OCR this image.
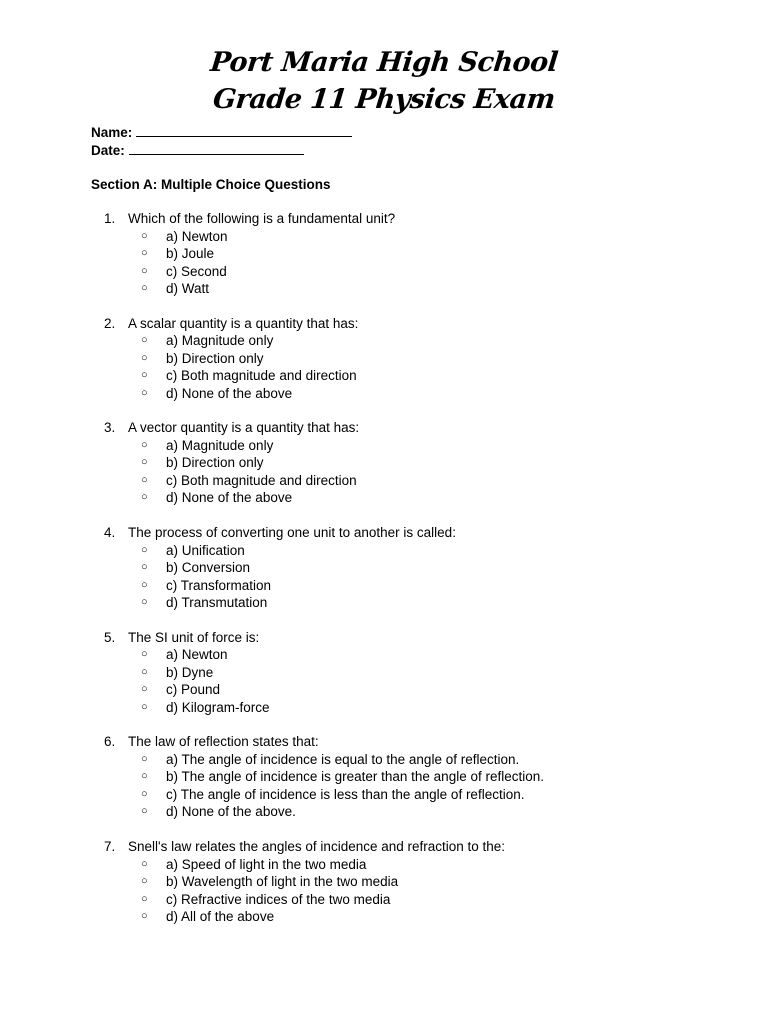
Port Maria High School
Grade 11 Physics Exam
Name:
Date:
Section A: Multiple Choice Questions
1. Which of the following is a fundamental unit?
○ a) Newton
○ b) Joule
○ c) Second
○ d) Watt
2. A scalar quantity is a quantity that has:
○ a) Magnitude only
○ b) Direction only
○ c) Both magnitude and direction
○ d) None of the above
3. A vector quantity is a quantity that has:
○ a) Magnitude only
○ b) Direction only
○ c) Both magnitude and direction
○ d) None of the above
4. The process of converting one unit to another is called:
○ a) Unification
○ b) Conversion
○ c) Transformation
○ d) Transmutation
5. The SI unit of force is:
○ a) Newton
○ b) Dyne
○ c) Pound
○ d) Kilogram-force
6. The law of reflection states that:
○ a) The angle of incidence is equal to the angle of reflection.
○ b) The angle of incidence is greater than the angle of reflection.
○ c) The angle of incidence is less than the angle of reflection.
○ d) None of the above.
7. Snell's law relates the angles of incidence and refraction to the:
○ a) Speed of light in the two media
○ b) Wavelength of light in the two media
○ c) Refractive indices of the two media
○ d) All of the above
